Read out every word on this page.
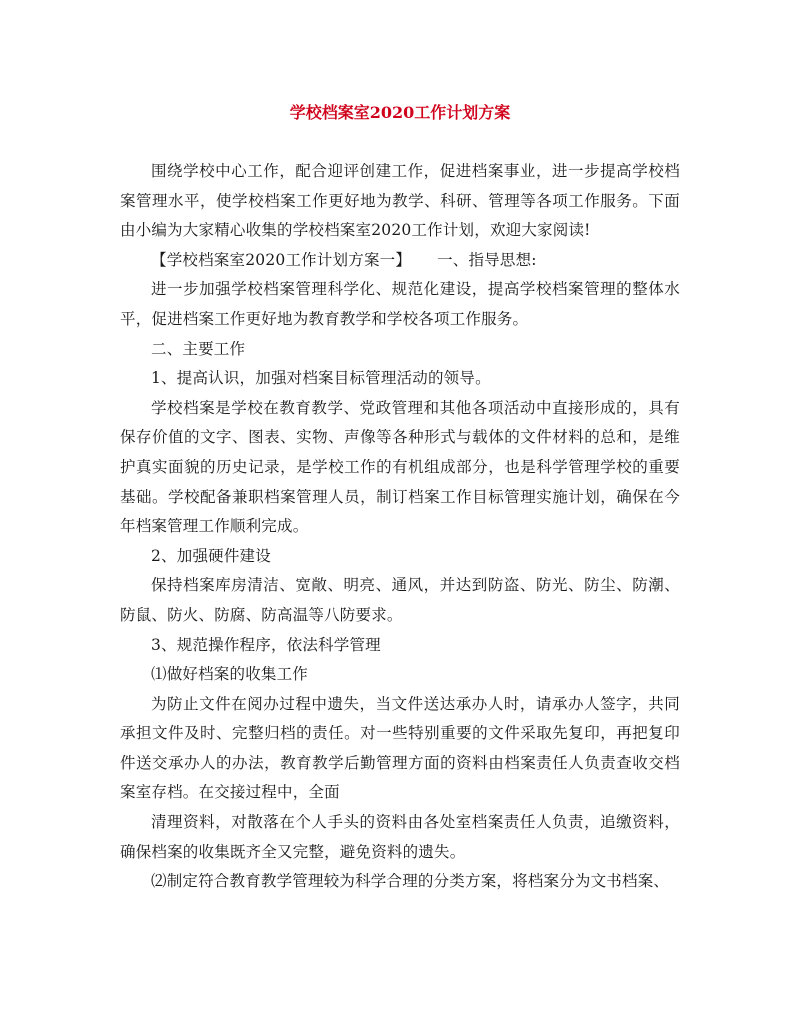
学校档案室2020工作计划方案

围绕学校中心工作，配合迎评创建工作，促进档案事业，进一步提高学校档案管理水平，使学校档案工作更好地为教学、科研、管理等各项工作服务。下面由小编为大家精心收集的学校档案室2020工作计划，欢迎大家阅读!

【学校档案室2020工作计划方案一】 一、指导思想:

进一步加强学校档案管理科学化、规范化建设，提高学校档案管理的整体水平，促进档案工作更好地为教育教学和学校各项工作服务。

二、主要工作

1、提高认识，加强对档案目标管理活动的领导。

学校档案是学校在教育教学、党政管理和其他各项活动中直接形成的，具有保存价值的文字、图表、实物、声像等各种形式与载体的文件材料的总和，是维护真实面貌的历史记录，是学校工作的有机组成部分，也是科学管理学校的重要基础。学校配备兼职档案管理人员，制订档案工作目标管理实施计划，确保在今年档案管理工作顺利完成。

2、加强硬件建设

保持档案库房清洁、宽敞、明亮、通风，并达到防盗、防光、防尘、防潮、防鼠、防火、防腐、防高温等八防要求。

3、规范操作程序，依法科学管理

⑴做好档案的收集工作

为防止文件在阅办过程中遗失，当文件送达承办人时，请承办人签字，共同承担文件及时、完整归档的责任。对一些特别重要的文件采取先复印，再把复印件送交承办人的办法，教育教学后勤管理方面的资料由档案责任人负责查收交档案室存档。在交接过程中，全面

清理资料，对散落在个人手头的资料由各处室档案责任人负责，追缴资料，确保档案的收集既齐全又完整，避免资料的遗失。

⑵制定符合教育教学管理较为科学合理的分类方案，将档案分为文书档案、
